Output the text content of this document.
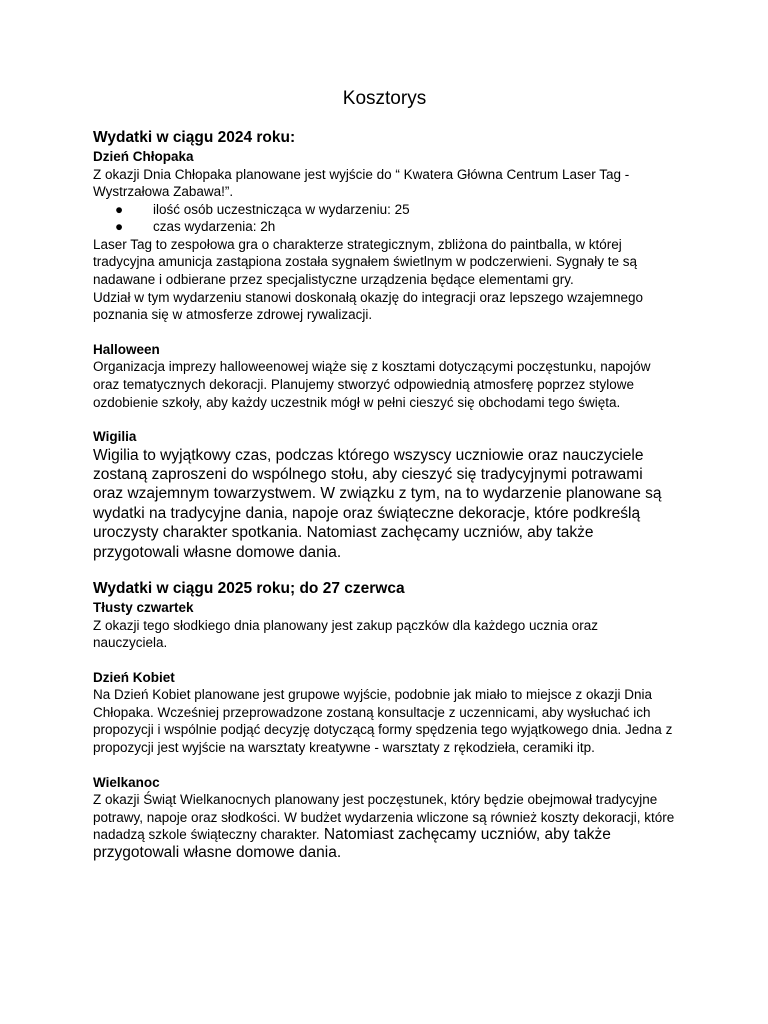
Kosztorys
Wydatki w ciągu 2024 roku:
Dzień Chłopaka
Z okazji Dnia Chłopaka planowane jest wyjście do “ Kwatera Główna Centrum Laser Tag - Wystrzałowa Zabawa!”.
● ilość osób uczestnicząca w wydarzeniu: 25
● czas wydarzenia: 2h
Laser Tag to zespołowa gra o charakterze strategicznym, zbliżona do paintballa, w której tradycyjna amunicja zastąpiona została sygnałem świetlnym w podczerwieni. Sygnały te są nadawane i odbierane przez specjalistyczne urządzenia będące elementami gry.
Udział w tym wydarzeniu stanowi doskonałą okazję do integracji oraz lepszego wzajemnego poznania się w atmosferze zdrowej rywalizacji.
Halloween
Organizacja imprezy halloweenowej wiąże się z kosztami dotyczącymi poczęstunku, napojów oraz tematycznych dekoracji. Planujemy stworzyć odpowiednią atmosferę poprzez stylowe ozdobienie szkoły, aby każdy uczestnik mógł w pełni cieszyć się obchodami tego święta.
Wigilia
Wigilia to wyjątkowy czas, podczas którego wszyscy uczniowie oraz nauczyciele zostaną zaproszeni do wspólnego stołu, aby cieszyć się tradycyjnymi potrawami oraz wzajemnym towarzystwem. W związku z tym, na to wydarzenie planowane są wydatki na tradycyjne dania, napoje oraz świąteczne dekoracje, które podkreślą uroczysty charakter spotkania. Natomiast zachęcamy uczniów, aby także przygotowali własne domowe dania.
Wydatki w ciągu 2025 roku; do 27 czerwca
Tłusty czwartek
Z okazji tego słodkiego dnia planowany jest zakup pączków dla każdego ucznia oraz nauczyciela.
Dzień Kobiet
Na Dzień Kobiet planowane jest grupowe wyjście, podobnie jak miało to miejsce z okazji Dnia Chłopaka. Wcześniej przeprowadzone zostaną konsultacje z uczennicami, aby wysłuchać ich propozycji i wspólnie podjąć decyzję dotyczącą formy spędzenia tego wyjątkowego dnia. Jedna z propozycji jest wyjście na warsztaty kreatywne - warsztaty z rękodzieła, ceramiki itp.
Wielkanoc
Z okazji Świąt Wielkanocnych planowany jest poczęstunek, który będzie obejmował tradycyjne potrawy, napoje oraz słodkości. W budżet wydarzenia wliczone są również koszty dekoracji, które nadadzą szkole świąteczny charakter. Natomiast zachęcamy uczniów, aby także przygotowali własne domowe dania.
